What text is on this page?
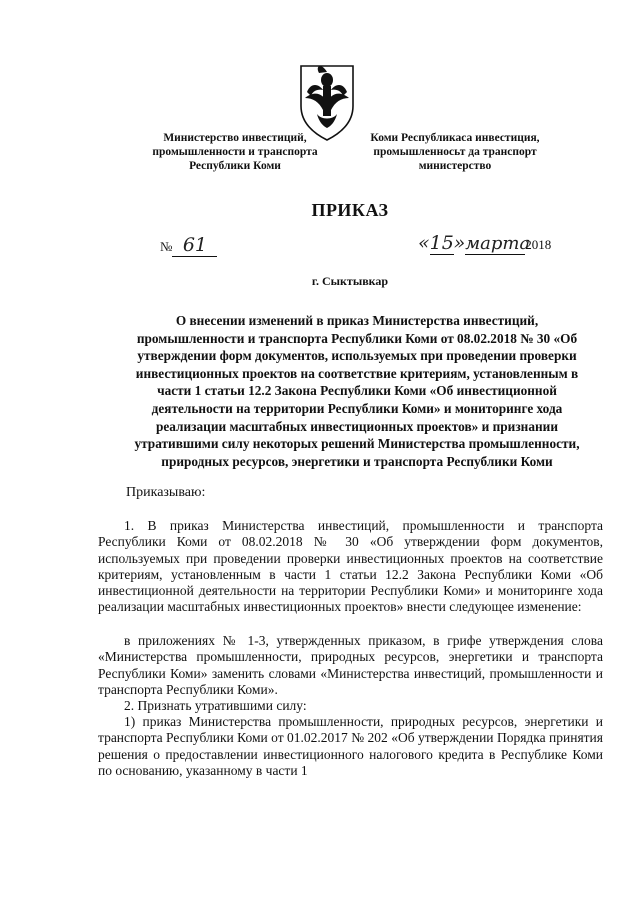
Министерство инвестиций,
промышленности и транспорта
Республики Коми
Коми Республикаса инвестиция,
промышленносьт да транспорт
министерство
ПРИКАЗ
№ 61	«15»марта2018
г. Сыктывкар
О внесении изменений в приказ Министерства инвестиций,
промышленности и транспорта Республики Коми от 08.02.2018 № 30 «Об
утверждении форм документов, используемых при проведении проверки
инвестиционных проектов на соответствие критериям, установленным в
части 1 статьи 12.2 Закона Республики Коми «Об инвестиционной
деятельности на территории Республики Коми» и мониторинге хода
реализации масштабных инвестиционных проектов» и признании
утратившими силу некоторых решений Министерства промышленности,
природных ресурсов, энергетики и транспорта Республики Коми
Приказываю:
1. В приказ Министерства инвестиций, промышленности и транспорта Республики Коми от 08.02.2018 № 30 «Об утверждении форм документов, используемых при проведении проверки инвестиционных проектов на соответствие критериям, установленным в части 1 статьи 12.2 Закона Республики Коми «Об инвестиционной деятельности на территории Республики Коми» и мониторинге хода реализации масштабных инвестиционных проектов» внести следующее изменение:
в приложениях № 1-3, утвержденных приказом, в грифе утверждения слова «Министерства промышленности, природных ресурсов, энергетики и транспорта Республики Коми» заменить словами «Министерства инвестиций, промышленности и транспорта Республики Коми».
2. Признать утратившими силу:
1) приказ Министерства промышленности, природных ресурсов, энергетики и транспорта Республики Коми от 01.02.2017 № 202 «Об утверждении Порядка принятия решения о предоставлении инвестиционного налогового кредита в Республике Коми по основанию, указанному в части 1
